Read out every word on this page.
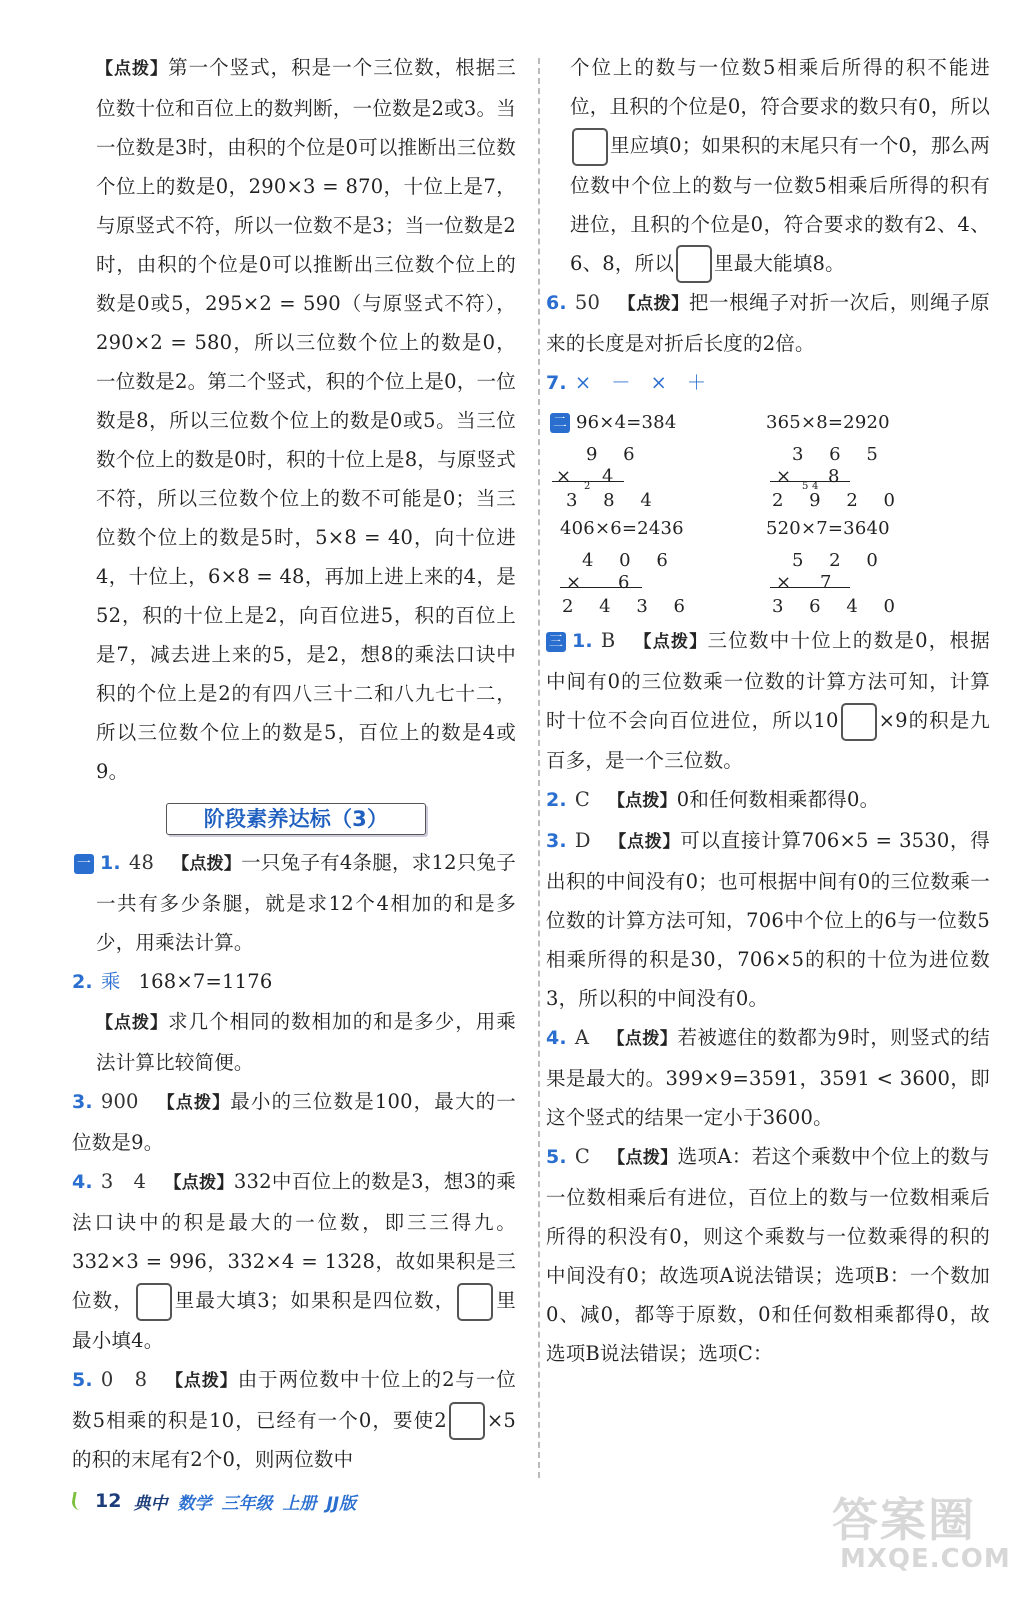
【点拨】第一个竖式，积是一个三位数，根据三位数十位和百位上的数判断，一位数是2或3。当一位数是3时，由积的个位是0可以推断出三位数个位上的数是0，290×3 = 870，十位上是7，与原竖式不符，所以一位数不是3；当一位数是2时，由积的个位是0可以推断出三位数个位上的数是0或5，295×2 = 590（与原竖式不符），290×2 = 580，所以三位数个位上的数是0，一位数是2。第二个竖式，积的个位上是0，一位数是8，所以三位数个位上的数是0或5。当三位数个位上的数是0时，积的十位上是8，与原竖式不符，所以三位数个位上的数不可能是0；当三位数个位上的数是5时，5×8 = 40，向十位进4，十位上，6×8 = 48，再加上进上来的4，是52，积的十位上是2，向百位进5，积的百位上是7，减去进上来的5，是2，想8的乘法口诀中积的个位上是2的有四八三十二和八九七十二，所以三位数个位上的数是5，百位上的数是4或9。

阶段素养达标（3）

一 1. 48 【点拨】一只兔子有4条腿，求12只兔子一共有多少条腿，就是求12个4相加的和是多少，用乘法计算。

2. 乘 168×7=1176

【点拨】求几个相同的数相加的和是多少，用乘法计算比较简便。

3. 900 【点拨】最小的三位数是100，最大的一位数是9。

4. 3　4 【点拨】332中百位上的数是3，想3的乘法口诀中的积是最大的一位数，即三三得九。332×3 = 996，332×4 = 1328，故如果积是三位数， 里最大填3；如果积是四位数， 里最小填4。

5. 0　8 【点拨】由于两位数中十位上的2与一位数5相乘的积是10，已经有一个0，要使2 ×5的积的末尾有2个0，则两位数中

个位上的数与一位数5相乘后所得的积不能进位，且积的个位是0，符合要求的数只有0，所以里应填0；如果积的末尾只有一个0，那么两位数中个位上的数与一位数5相乘后所得的积有进位，且积的个位是0，符合要求的数有2、4、6、8，所以 里最大能填8。

6. 50 【点拨】把一根绳子对折一次后，则绳子原来的长度是对折后长度的2倍。

7. ×　－　×　＋

二 96×4=384	365×8=2920
9 6
× 2 4
3 8 4
3 6 5
× 5 4 8
2 9 2 0
406×6=2436	520×7=3640
4 0 6
× 6
2 4 3 6
5 2 0
× 7
3 6 4 0

三 1. B 【点拨】三位数中十位上的数是0，根据中间有0的三位数乘一位数的计算方法可知，计算时十位不会向百位进位，所以10 ×9的积是九百多，是一个三位数。

2. C 【点拨】0和任何数相乘都得0。

3. D 【点拨】可以直接计算706×5 = 3530，得出积的中间没有0；也可根据中间有0的三位数乘一位数的计算方法可知，706中个位上的6与一位数5相乘所得的积是30，706×5的积的十位为进位数3，所以积的中间没有0。

4. A 【点拨】若被遮住的数都为9时，则竖式的结果是最大的。399×9=3591，3591 < 3600，即这个竖式的结果一定小于3600。

5. C 【点拨】选项A：若这个乘数中个位上的数与一位数相乘后有进位，百位上的数与一位数相乘后所得的积没有0，则这个乘数与一位数乘得的积的中间没有0；故选项A说法错误；选项B：一个数加0、减0，都等于原数，0和任何数相乘都得0，故选项B说法错误；选项C：

12 典中 数学 三年级 上册 JJ版	答案圈
MXQE.COM
